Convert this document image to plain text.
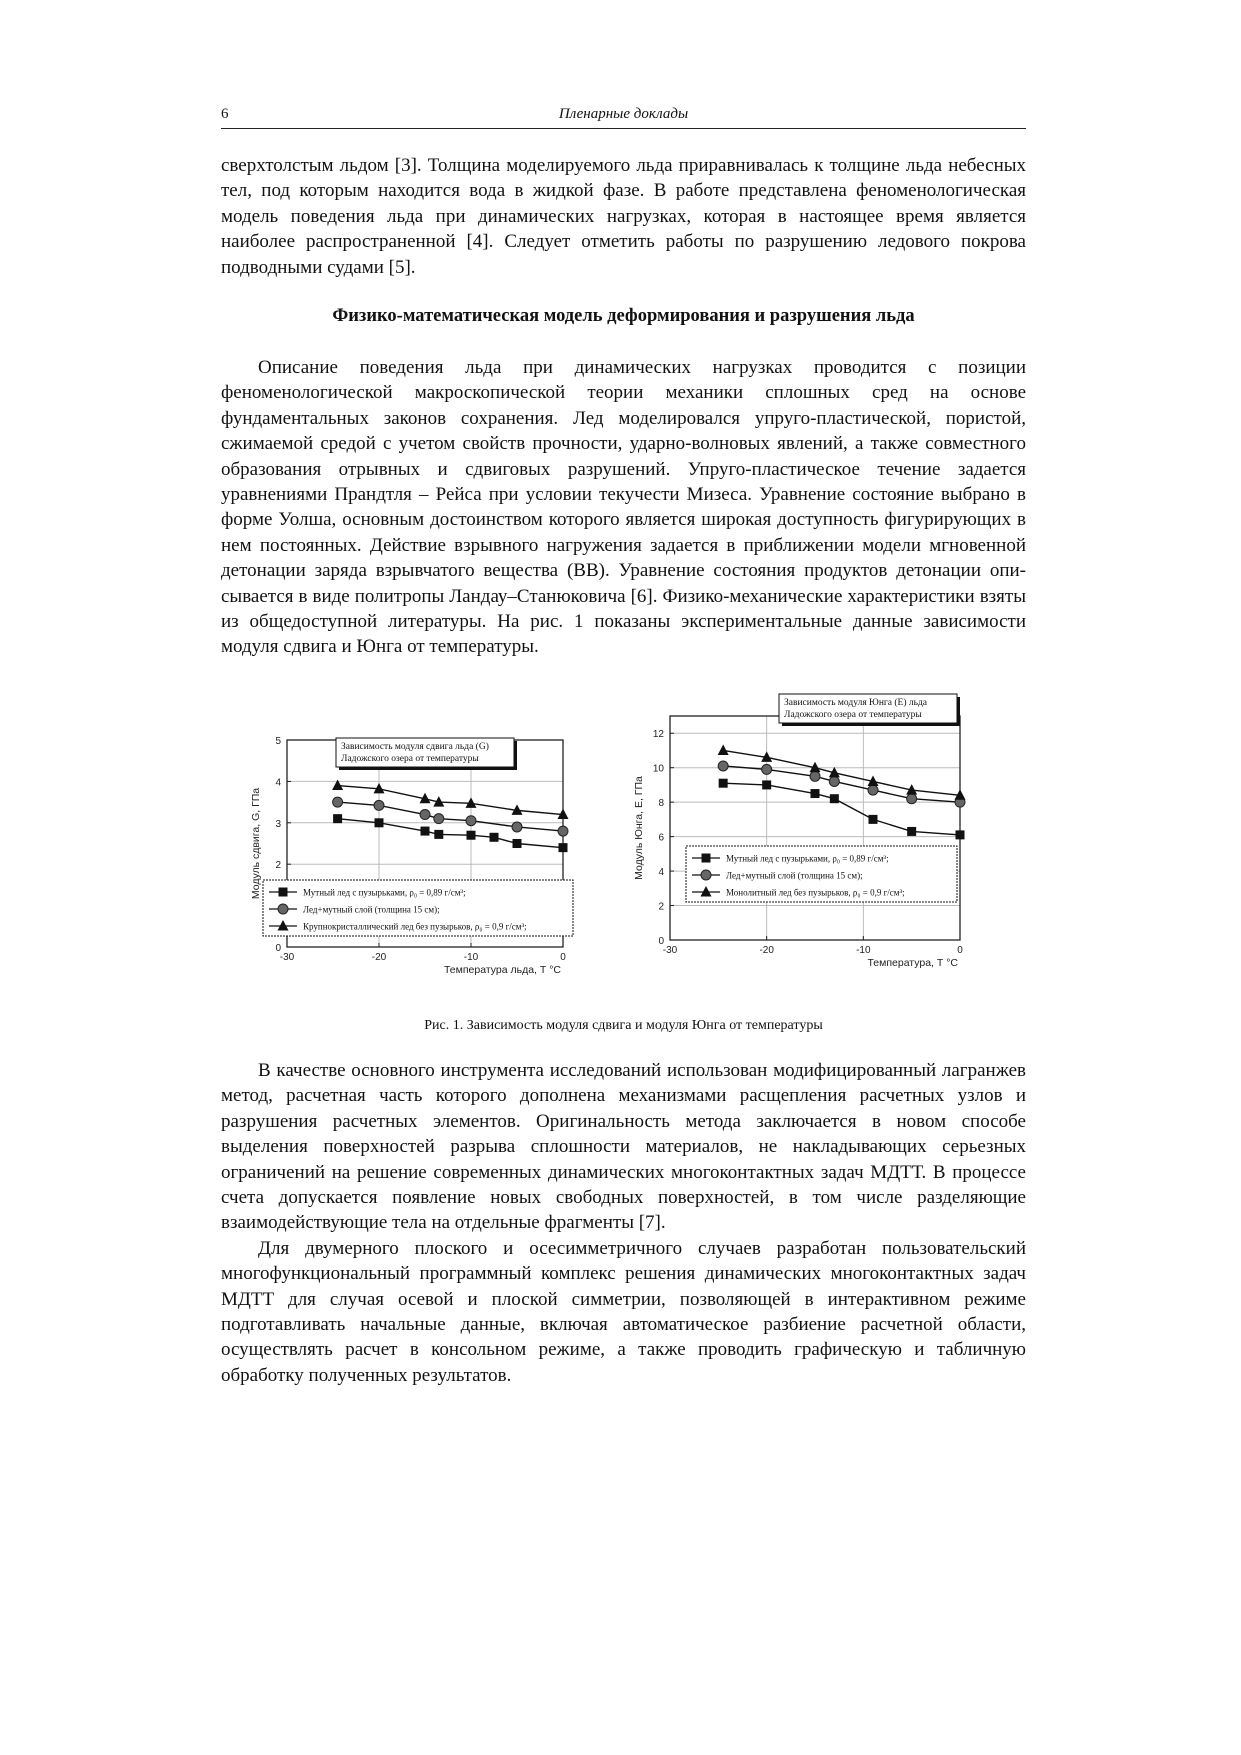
6	Пленарные доклады

сверхтолстым льдом [3]. Толщина моделируемого льда приравнивалась к толщине льда небесных тел, под которым находится вода в жидкой фазе. В работе представлена феноменологическая модель поведения льда при динамических нагрузках, которая в настоящее время является наиболее распространенной [4]. Следует отметить работы по разрушению ледового покрова подводными судами [5].

Физико-математическая модель деформирования и разрушения льда

Описание поведения льда при динамических нагрузках проводится с позиции феноменологической макроскопической теории механики сплошных сред на основе фундаментальных законов сохранения. Лед моделировался упруго-пластической, пористой, сжимаемой средой с учетом свойств прочности, ударно-волновых явлений, а также совместного образования отрывных и сдвиговых разрушений. Упруго-пластическое течение задается уравнениями Прандтля – Рейса при условии текучести Мизеса. Уравнение состояние выбрано в форме Уолша, основным достоинством которого является широкая доступность фигурирующих в нем постоянных. Действие взрывного нагружения задается в приближении модели мгновенной детонации заряда взрывчатого вещества (ВВ). Уравнение состояния продуктов детонации описывается в виде политропы Ландау–Станюковича [6]. Физико-механические характеристики взяты из общедоступной литературы. На рис. 1 показаны экспериментальные данные зависимости модуля сдвига и Юнга от температуры.

-30	-20	-10	0
0
2
3
4
5
Температура льда, Т °С
Модуль сдвига, G, ГПа
Зависимость модуля сдвига льда (G)
Ладожского озера от температуры
Мутный лед с пузырьками, ρ₀ = 0,89 г/см³;
Лед+мутный слой (толщина 15 см);
Крупнокристаллический лед без пузырьков, ρ₀ = 0,9 г/см³;
-30	-20	-10	0
0
2
4
6
8
10
12
Температура, Т °С
Модуль Юнга, Е, ГПа
Зависимость модуля Юнга (Е) льда
Ладожского озера от температуры
Мутный лед с пузырьками, ρ₀ = 0,89 г/см³;
Лед+мутный слой (толщина 15 см);
Монолитный лед без пузырьков, ρ₀ = 0,9 г/см³;
Рис. 1. Зависимость модуля сдвига и модуля Юнга от температуры

В качестве основного инструмента исследований использован модифицированный лагранжев метод, расчетная часть которого дополнена механизмами расщепления расчетных узлов и разрушения расчетных элементов. Оригинальность метода заключается в новом способе выделения поверхностей разрыва сплошности материалов, не накладывающих серьезных ограничений на решение современных динамических многоконтактных задач МДТТ. В процессе счета допускается появление новых свободных поверхностей, в том числе разделяющие взаимодействующие тела на отдельные фрагменты [7].

Для двумерного плоского и осесимметричного случаев разработан пользовательский многофункциональный программный комплекс решения динамических многоконтактных задач МДТТ для случая осевой и плоской симметрии, позволяющей в интерактивном режиме подготавливать начальные данные, включая автоматическое разбиение расчетной области, осуществлять расчет в консольном режиме, а также проводить графическую и табличную обработку полученных результатов.
